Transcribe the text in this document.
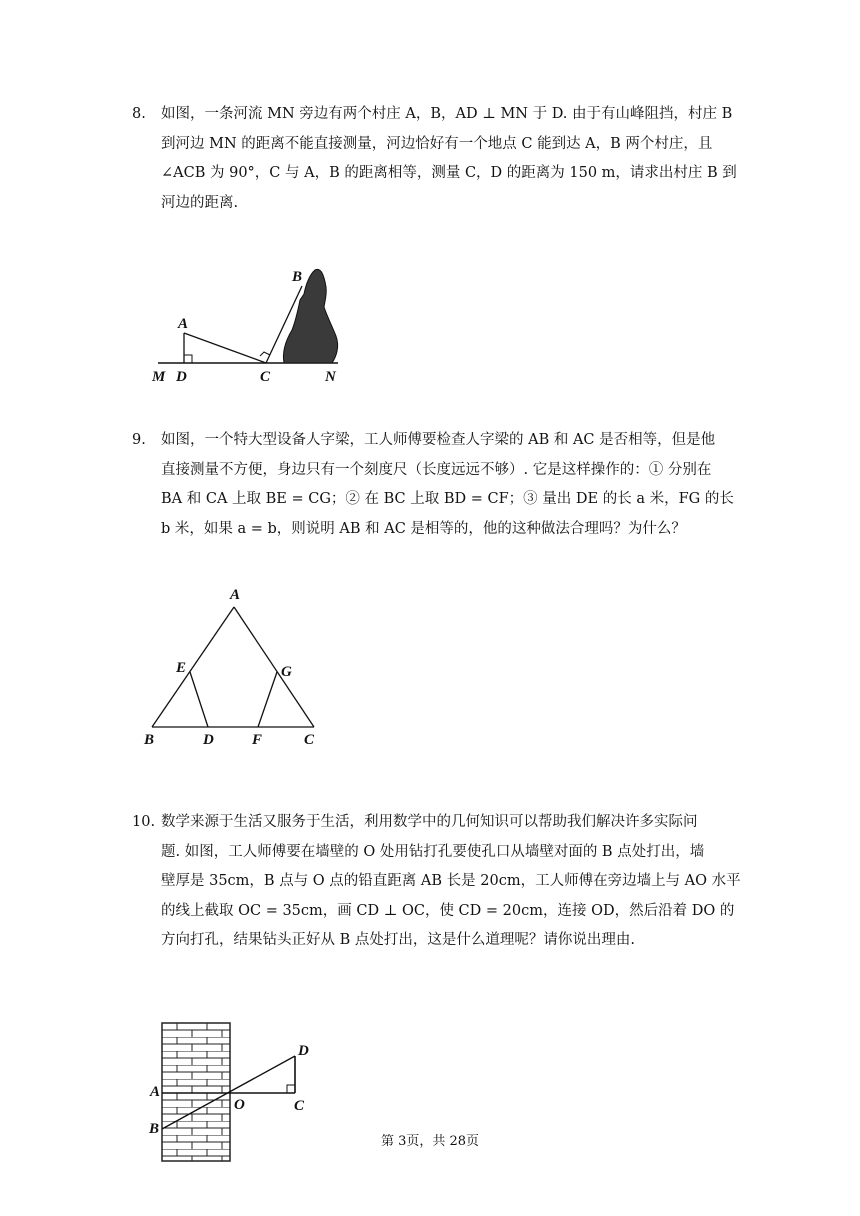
8. 如图，一条河流 MN 旁边有两个村庄 A，B，AD ⊥ MN 于 D. 由于有山峰阻挡，村庄 B
到河边 MN 的距离不能直接测量，河边恰好有一个地点 C 能到达 A，B 两个村庄，且
∠ACB 为 90°，C 与 A，B 的距离相等，测量 C，D 的距离为 150 m，请求出村庄 B 到
河边的距离.
A
B
C
D
M	N
9. 如图，一个特大型设备人字梁，工人师傅要检查人字梁的 AB 和 AC 是否相等，但是他
直接测量不方便，身边只有一个刻度尺（长度远远不够）. 它是这样操作的：① 分别在
BA 和 CA 上取 BE = CG；② 在 BC 上取 BD = CF；③ 量出 DE 的长 a 米，FG 的长
b 米，如果 a = b，则说明 AB 和 AC 是相等的，他的这种做法合理吗？为什么？
A
E	G
B	D	F	C
10. 数学来源于生活又服务于生活，利用数学中的几何知识可以帮助我们解决许多实际问
题. 如图，工人师傅要在墙壁的 O 处用钻打孔要使孔口从墙壁对面的 B 点处打出，墙
壁厚是 35cm，B 点与 O 点的铅直距离 AB 长是 20cm，工人师傅在旁边墙上与 AO 水平
的线上截取 OC = 35cm，画 CD ⊥ OC，使 CD = 20cm，连接 OD，然后沿着 DO 的
方向打孔，结果钻头正好从 B 点处打出，这是什么道理呢？请你说出理由.
A
B
O	C
D
第 3页，共 28页
